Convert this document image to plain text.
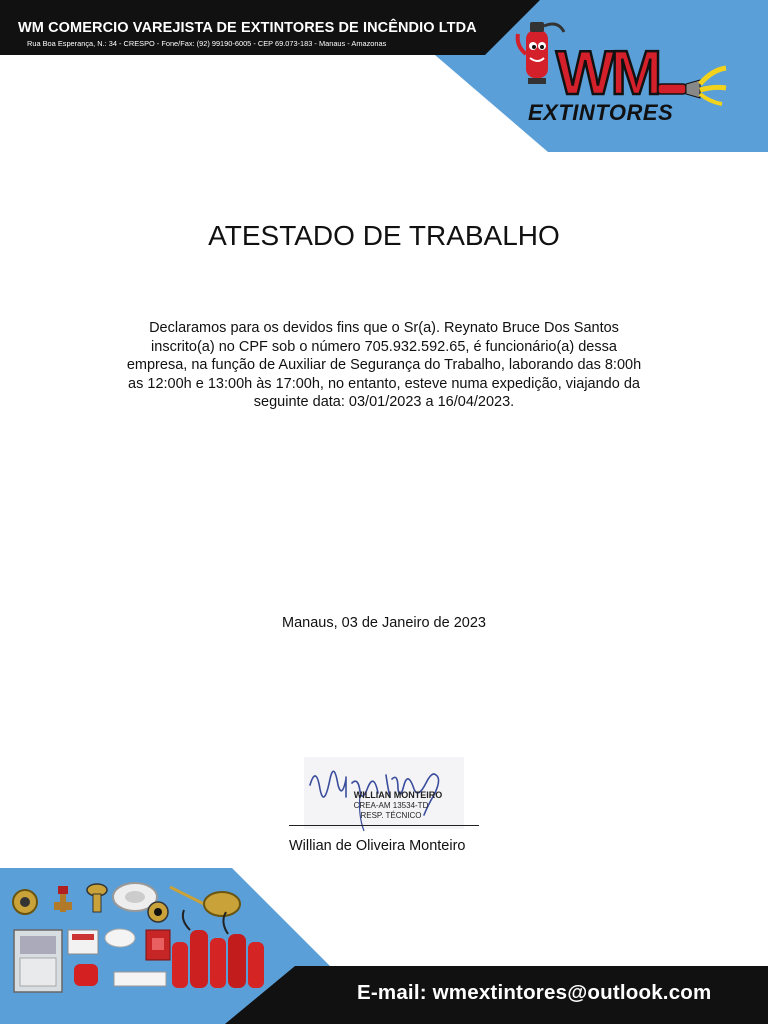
WM COMERCIO VAREJISTA DE EXTINTORES DE INCÊNDIO LTDA
Rua Boa Esperança, N.: 34 - CRESPO - Fone/Fax: (92) 99190-6005 - CEP 69.073-183 - Manaus - Amazonas	WM
EXTINTORES
ATESTADO DE TRABALHO
Declaramos para os devidos fins que o Sr(a). Reynato Bruce Dos Santos inscrito(a) no CPF sob o número 705.932.592.65, é funcionário(a) dessa empresa, na função de Auxiliar de Segurança do Trabalho, laborando das 8:00h as 12:00h e 13:00h às 17:00h, no entanto, esteve numa expedição, viajando da seguinte data: 03/01/2023 a 16/04/2023.
Manaus, 03 de Janeiro de 2023
WILLIAN MONTEIRO
CREA-AM 13534-TD
RESP. TÉCNICO
Willian de Oliveira Monteiro
E-mail: wmextintores@outlook.com
